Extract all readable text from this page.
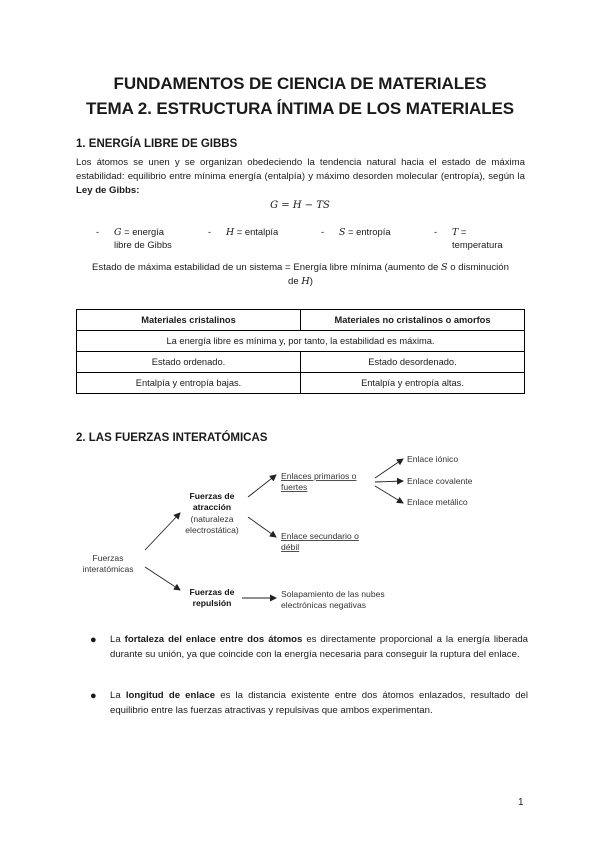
FUNDAMENTOS DE CIENCIA DE MATERIALES
TEMA 2. ESTRUCTURA ÍNTIMA DE LOS MATERIALES
1. ENERGÍA LIBRE DE GIBBS
Los átomos se unen y se organizan obedeciendo la tendencia natural hacia el estado de máxima estabilidad: equilibrio entre mínima energía (entalpía) y máximo desorden molecular (entropía), según la Ley de Gibbs:
G = H − TS
- G = energía
libre de Gibbs
- H = entalpía	- S = entropía	- T =
temperatura
Estado de máxima estabilidad de un sistema = Energía libre mínima (aumento de S o disminución
de H)
Materiales cristalinos	Materiales no cristalinos o amorfos
La energía libre es mínima y, por tanto, la estabilidad es máxima.	
Estado ordenado.	Estado desordenado.
Entalpía y entropía bajas.	Entalpía y entropía altas.
2. LAS FUERZAS INTERATÓMICAS
Fuerzas
interatómicas
Fuerzas de
atracción
(naturaleza
electrostática)
Fuerzas de
repulsión
Enlaces primarios o
fuertes
Enlace secundario o
débil
Enlace iónico
Enlace covalente
Enlace metálico
Solapamiento de las nubes
electrónicas negativas
● La fortaleza del enlace entre dos átomos es directamente proporcional a la energía liberada durante su unión, ya que coincide con la energía necesaria para conseguir la ruptura del enlace.
● La longitud de enlace es la distancia existente entre dos átomos enlazados, resultado del equilibrio entre las fuerzas atractivas y repulsivas que ambos experimentan.
1
